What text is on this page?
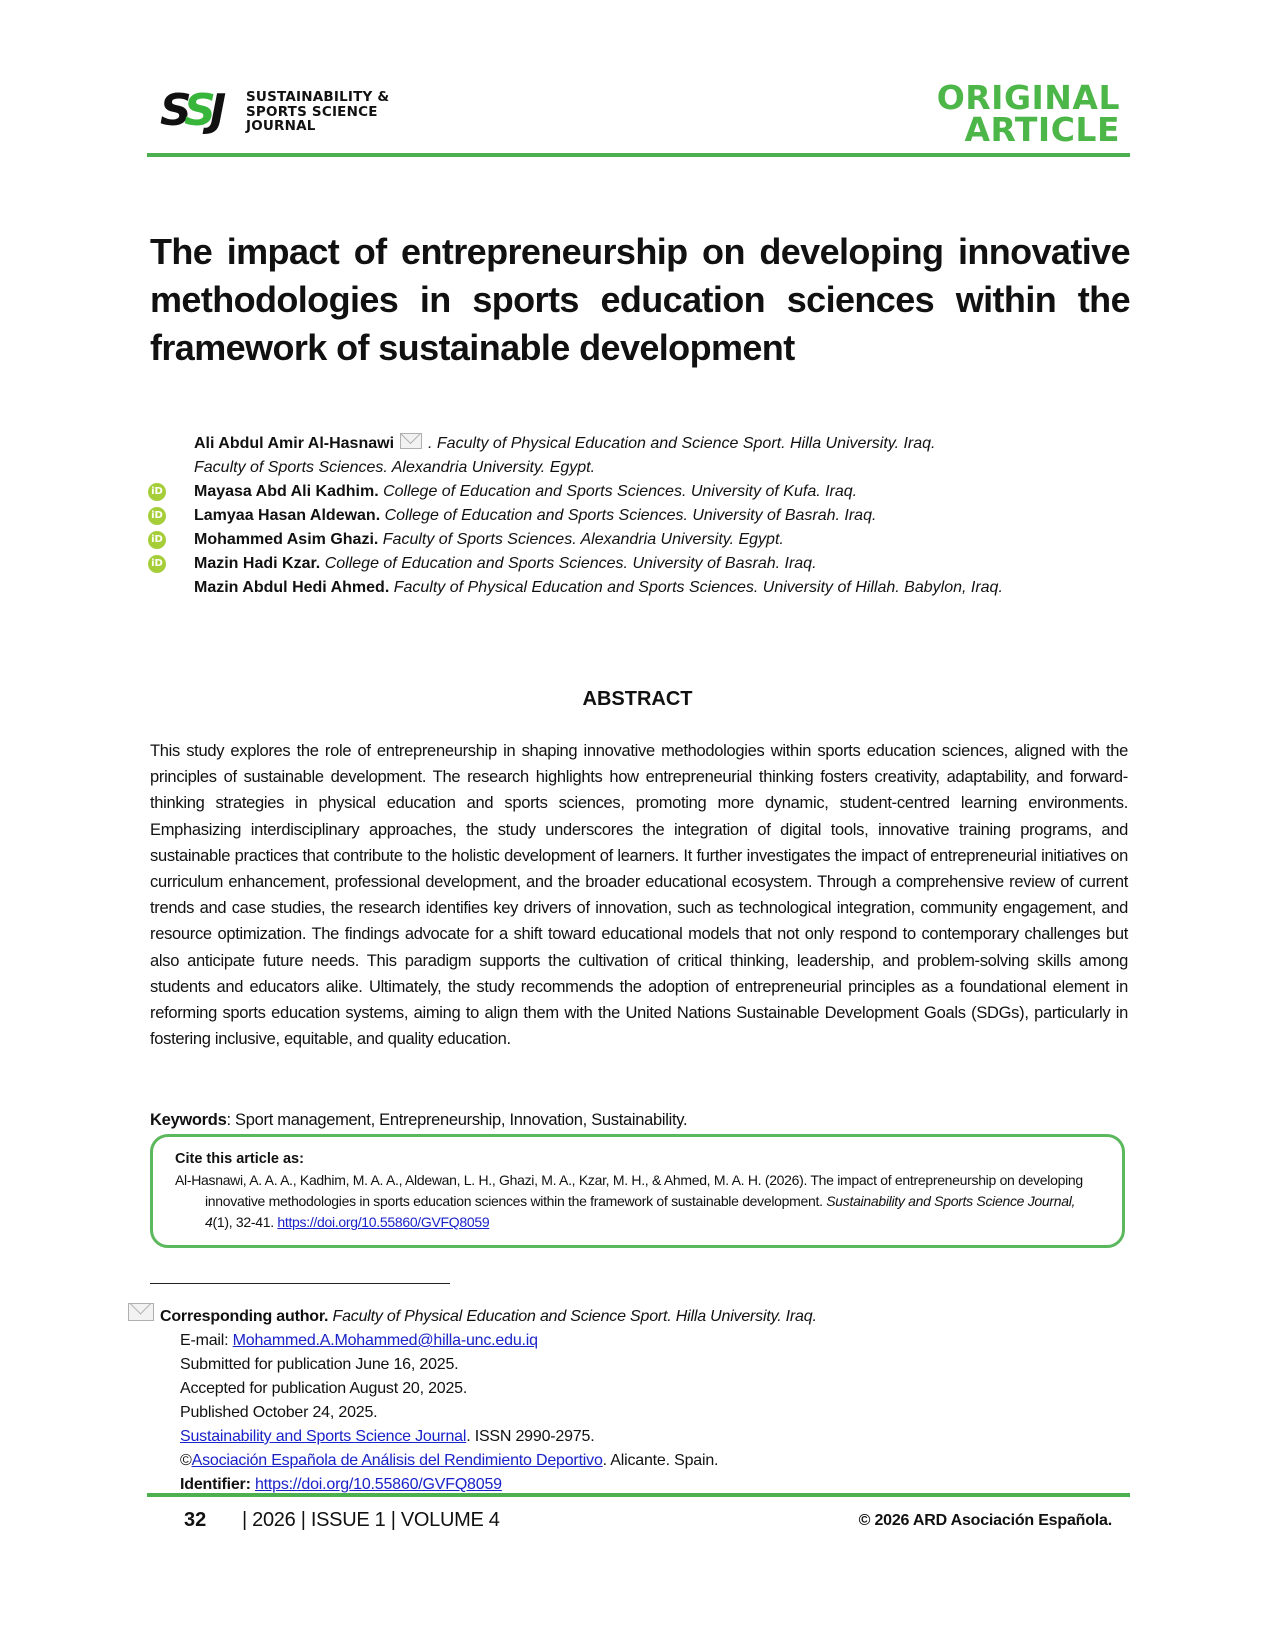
SSJ	SUSTAINABILITY &
SPORTS SCIENCE
JOURNAL
ORIGINAL
ARTICLE
The impact of entrepreneurship on developing innovative methodologies in sports education sciences within the framework of sustainable development
Ali Abdul Amir Al-Hasnawi . Faculty of Physical Education and Science Sport. Hilla University. Iraq.
Faculty of Sports Sciences. Alexandria University. Egypt.
iD Mayasa Abd Ali Kadhim. College of Education and Sports Sciences. University of Kufa. Iraq.
iD Lamyaa Hasan Aldewan. College of Education and Sports Sciences. University of Basrah. Iraq.
iD Mohammed Asim Ghazi. Faculty of Sports Sciences. Alexandria University. Egypt.
iD Mazin Hadi Kzar. College of Education and Sports Sciences. University of Basrah. Iraq.
Mazin Abdul Hedi Ahmed. Faculty of Physical Education and Sports Sciences. University of Hillah. Babylon, Iraq.
ABSTRACT

This study explores the role of entrepreneurship in shaping innovative methodologies within sports education sciences, aligned with the principles of sustainable development. The research highlights how entrepreneurial thinking fosters creativity, adaptability, and forward-thinking strategies in physical education and sports sciences, promoting more dynamic, student-centred learning environments. Emphasizing interdisciplinary approaches, the study underscores the integration of digital tools, innovative training programs, and sustainable practices that contribute to the holistic development of learners. It further investigates the impact of entrepreneurial initiatives on curriculum enhancement, professional development, and the broader educational ecosystem. Through a comprehensive review of current trends and case studies, the research identifies key drivers of innovation, such as technological integration, community engagement, and resource optimization. The findings advocate for a shift toward educational models that not only respond to contemporary challenges but also anticipate future needs. This paradigm supports the cultivation of critical thinking, leadership, and problem-solving skills among students and educators alike. Ultimately, the study recommends the adoption of entrepreneurial principles as a foundational element in reforming sports education systems, aiming to align them with the United Nations Sustainable Development Goals (SDGs), particularly in fostering inclusive, equitable, and quality education.

Keywords: Sport management, Entrepreneurship, Innovation, Sustainability.
Cite this article as:
Al-Hasnawi, A. A. A., Kadhim, M. A. A., Aldewan, L. H., Ghazi, M. A., Kzar, M. H., & Ahmed, M. A. H. (2026). The impact of entrepreneurship on developing innovative methodologies in sports education sciences within the framework of sustainable development. Sustainability and Sports Science Journal, 4(1), 32-41. https://doi.org/10.55860/GVFQ8059
Corresponding author. Faculty of Physical Education and Science Sport. Hilla University. Iraq.
E-mail: Mohammed.A.Mohammed@hilla-unc.edu.iq
Submitted for publication June 16, 2025.
Accepted for publication August 20, 2025.
Published October 24, 2025.
Sustainability and Sports Science Journal. ISSN 2990-2975.
©Asociación Española de Análisis del Rendimiento Deportivo. Alicante. Spain.
Identifier: https://doi.org/10.55860/GVFQ8059
32 | 2026 | ISSUE 1 | VOLUME 4	© 2026 ARD Asociación Española.
